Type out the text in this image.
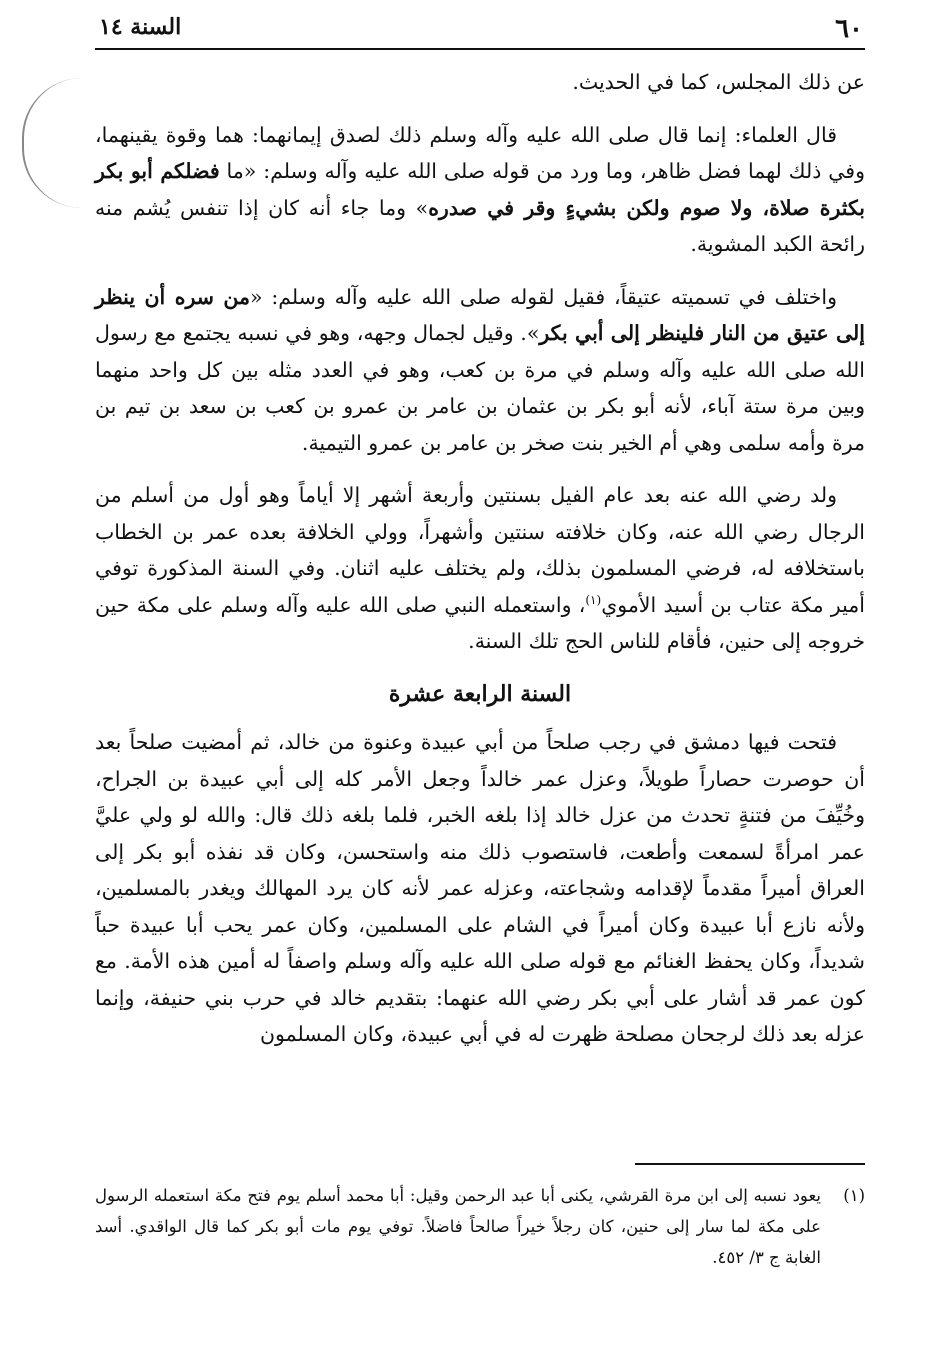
٦٠
السنة ١٤

عن ذلك المجلس، كما في الحديث.

قال العلماء: إنما قال صلى الله عليه وآله وسلم ذلك لصدق إيمانهما: هما وقوة يقينهما، وفي ذلك لهما فضل ظاهر، وما ورد من قوله صلى الله عليه وآله وسلم: «ما فضلكم أبو بكر بكثرة صلاة، ولا صوم ولكن بشيءٍ وقر في صدره» وما جاء أنه كان إذا تنفس يُشم منه رائحة الكبد المشوية.

واختلف في تسميته عتيقاً، فقيل لقوله صلى الله عليه وآله وسلم: «من سره أن ينظر إلى عتيق من النار فلينظر إلى أبي بكر». وقيل لجمال وجهه، وهو في نسبه يجتمع مع رسول الله صلى الله عليه وآله وسلم في مرة بن كعب، وهو في العدد مثله بين كل واحد منهما وبين مرة ستة آباء، لأنه أبو بكر بن عثمان بن عامر بن عمرو بن كعب بن سعد بن تيم بن مرة وأمه سلمى وهي أم الخير بنت صخر بن عامر بن عمرو التيمية.

ولد رضي الله عنه بعد عام الفيل بسنتين وأربعة أشهر إلا أياماً وهو أول من أسلم من الرجال رضي الله عنه، وكان خلافته سنتين وأشهراً، وولي الخلافة بعده عمر بن الخطاب باستخلافه له، فرضي المسلمون بذلك، ولم يختلف عليه اثنان. وفي السنة المذكورة توفي أمير مكة عتاب بن أسيد الأموي$^{(١)}$، واستعمله النبي صلى الله عليه وآله وسلم على مكة حين خروجه إلى حنين، فأقام للناس الحج تلك السنة.

السنة الرابعة عشرة

فتحت فيها دمشق في رجب صلحاً من أبي عبيدة وعنوة من خالد، ثم أمضيت صلحاً بعد أن حوصرت حصاراً طويلاً، وعزل عمر خالداً وجعل الأمر كله إلى أبي عبيدة بن الجراح، وخُيِّفَ من فتنةٍ تحدث من عزل خالد إذا بلغه الخبر، فلما بلغه ذلك قال: والله لو ولي عليَّ عمر امرأةً لسمعت وأطعت، فاستصوب ذلك منه واستحسن، وكان قد نفذه أبو بكر إلى العراق أميراً مقدماً لإقدامه وشجاعته، وعزله عمر لأنه كان يرد المهالك ويغدر بالمسلمين، ولأنه نازع أبا عبيدة وكان أميراً في الشام على المسلمين، وكان عمر يحب أبا عبيدة حباً شديداً، وكان يحفظ الغنائم مع قوله صلى الله عليه وآله وسلم واصفاً له أمين هذه الأمة. مع كون عمر قد أشار على أبي بكر رضي الله عنهما: بتقديم خالد في حرب بني حنيفة، وإنما عزله بعد ذلك لرجحان مصلحة ظهرت له في أبي عبيدة، وكان المسلمون

(١)
يعود نسبه إلى ابن مرة القرشي، يكنى أبا عبد الرحمن وقيل: أبا محمد أسلم يوم فتح مكة استعمله الرسول على مكة لما سار إلى حنين، كان رجلاً خيراً صالحاً فاضلاً. توفي يوم مات أبو بكر كما قال الواقدي. أسد الغابة ج ٣/ ٤٥٢.
